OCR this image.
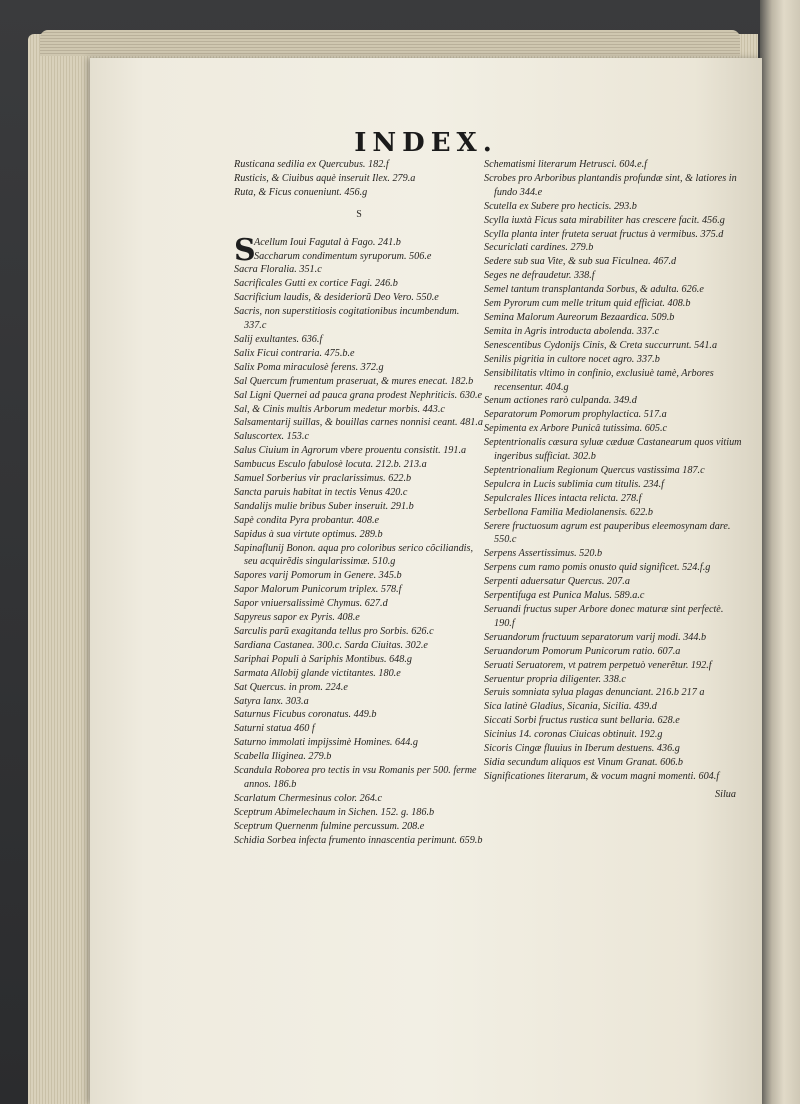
INDEX.

Rusticana sedilia ex Quercubus. 182.f

Rusticis, & Ciuibus aquè inseruit Ilex. 279.a

Ruta, & Ficus conueniunt. 456.g

S
S

Acellum Ioui Fagutal à Fago. 241.b

Saccharum condimentum syruporum. 506.e

Sacra Floralia. 351.c

Sacrificales Gutti ex cortice Fagi. 246.b

Sacrificium laudis, & desideriorũ Deo Vero. 550.e

Sacris, non superstitiosis cogitationibus incumbendum. 337.c

Salij exultantes. 636.f

Salix Ficui contraria. 475.b.e

Salix Poma miraculosè ferens. 372.g

Sal Quercum frumentum praseruat, & mures enecat. 182.b

Sal Ligni Quernei ad pauca grana prodest Nephriticis. 630.e

Sal, & Cinis multis Arborum medetur morbis. 443.c

Salsamentarij suillas, & bouillas carnes nonnisi ceant. 481.a

Saluscortex. 153.c

Salus Ciuium in Agrorum vbere prouentu consistit. 191.a

Sambucus Esculo fabulosè locuta. 212.b. 213.a

Samuel Sorberius vir praclarissimus. 622.b

Sancta paruis habitat in tectis Venus 420.c

Sandalijs mulie bribus Suber inseruit. 291.b

Sapè condita Pyra probantur. 408.e

Sapidus à sua virtute optimus. 289.b

Sapinaflunij Bonon. aqua pro coloribus serico cõciliandis, seu acquirẽdis singularissimæ. 510.g

Sapores varij Pomorum in Genere. 345.b

Sapor Malorum Punicorum triplex. 578.f

Sapor vniuersalissimè Chymus. 627.d

Sapyreus sapor ex Pyris. 408.e

Sarculis parũ exagitanda tellus pro Sorbis. 626.c

Sardiana Castanea. 300.c. Sarda Ciuitas. 302.e

Sariphai Populi à Sariphis Montibus. 648.g

Sarmata Allobij glande victitantes. 180.e

Sat Quercus. in prom. 224.e

Satyra lanx. 303.a

Saturnus Ficubus coronatus. 449.b

Saturni statua 460 f

Saturno immolati impijssimè Homines. 644.g

Scabella Iliginea. 279.b

Scandula Roborea pro tectis in vsu Romanis per 500. ferme annos. 186.b

Scarlatum Chermesinus color. 264.c

Sceptrum Abimelechaum in Sichen. 152. g. 186.b

Sceptrum Quernenm fulmine percussum. 208.e

Schidia Sorbea infecta frumento innascentia perimunt. 659.b

Schematismi literarum Hetrusci. 604.e.f

Scrobes pro Arboribus plantandis profundæ sint, & latiores in fundo 344.e

Scutella ex Subere pro hecticis. 293.b

Scylla iuxtà Ficus sata mirabiliter has crescere facit. 456.g

Scylla planta inter fruteta seruat fructus à vermibus. 375.d

Securiclati cardines. 279.b

Sedere sub sua Vite, & sub sua Ficulnea. 467.d

Seges ne defraudetur. 338.f

Semel tantum transplantanda Sorbus, & adulta. 626.e

Sem Pyrorum cum melle tritum quid efficiat. 408.b

Semina Malorum Aureorum Bezaardica. 509.b

Semita in Agris introducta abolenda. 337.c

Senescentibus Cydonijs Cinis, & Creta succurrunt. 541.a

Senilis pigritia in cultore nocet agro. 337.b

Sensibilitatis vltimo in confinio, exclusiuè tamè, Arbores recensentur. 404.g

Senum actiones rarò culpanda. 349.d

Separatorum Pomorum prophylactica. 517.a

Sepimenta ex Arbore Punicâ tutissima. 605.c

Septentrionalis cæsura syluæ cæduæ Castanearum quos vitium ingeribus sufficiat. 302.b

Septentrionalium Regionum Quercus vastissima 187.c

Sepulcra in Lucis sublimia cum titulis. 234.f

Sepulcrales Ilices intacta relicta. 278.f

Serbellona Familia Mediolanensis. 622.b

Serere fructuosum agrum est pauperibus eleemosynam dare. 550.c

Serpens Assertissimus. 520.b

Serpens cum ramo pomis onusto quid significet. 524.f.g

Serpenti aduersatur Quercus. 207.a

Serpentifuga est Punica Malus. 589.a.c

Seruandi fructus super Arbore donec maturæ sint perfectè. 190.f

Seruandorum fructuum separatorum varij modi. 344.b

Seruandorum Pomorum Punicorum ratio. 607.a

Seruati Seruatorem, vt patrem perpetuò venerẽtur. 192.f

Seruentur propria diligenter. 338.c

Seruis somniata sylua plagas denunciant. 216.b 217 a

Sica latinè Gladius, Sicania, Sicilia. 439.d

Siccati Sorbi fructus rustica sunt bellaria. 628.e

Sicinius 14. coronas Ciuicas obtinuit. 192.g

Sicoris Cingæ fluuius in Iberum destuens. 436.g

Sidia secundum aliquos est Vinum Granat. 606.b

Significationes literarum, & vocum magni momenti. 604.f

Silua
